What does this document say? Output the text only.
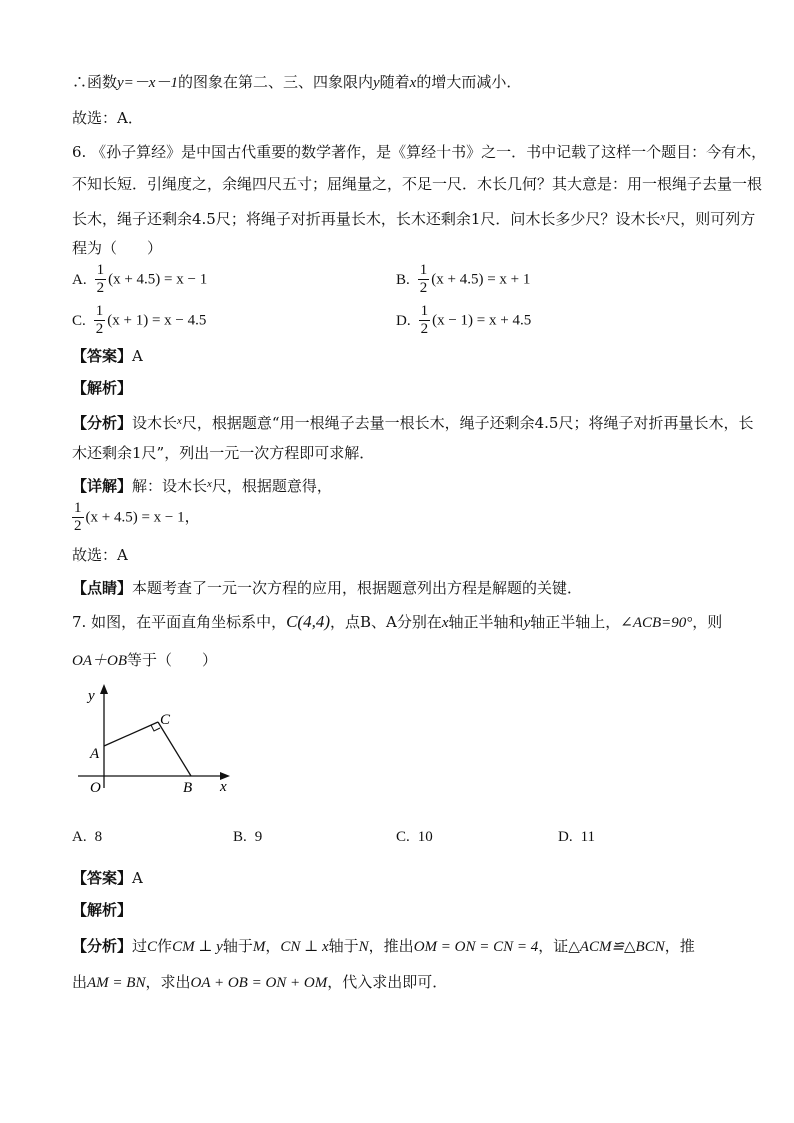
∴函数y=－x－1的图象在第二、三、四象限内y随着x的增大而减小．
故选：A．
6. 《孙子算经》是中国古代重要的数学著作，是《算经十书》之一．书中记载了这样一个题目：今有木，
不知长短．引绳度之，余绳四尺五寸；屈绳量之，不足一尺．木长几何？其大意是：用一根绳子去量一根
长木，绳子还剩余4.5尺；将绳子对折再量长木，长木还剩余1尺．问木长多少尺？设木长$^x$尺，则可列方
程为（　　）
A. $\frac{1}{2} (x + 4.5) = x - 1$	B. $\frac{1}{2} (x + 4.5) = x + 1$
C. $\frac{1}{2} (x + 1) = x - 4.5$	D. $\frac{1}{2} (x - 1) = x + 4.5$
【答案】A
【解析】
【分析】设木长$^x$尺，根据题意“用一根绳子去量一根长木，绳子还剩余4.5尺；将绳子对折再量长木，长
木还剩余1尺”，列出一元一次方程即可求解．
【详解】解：设木长$^x$尺，根据题意得，
$\frac{1}{2} (x + 4.5) = x - 1$，
故选：A
【点睛】本题考查了一元一次方程的应用，根据题意列出方程是解题的关键．
7. 如图，在平面直角坐标系中，C(4,4)，点B、A分别在x轴正半轴和y轴正半轴上，∠ACB=90°，则
OA＋OB等于（　　）
y
C
A
O	B x
A. 8	B. 9	C. 10	D. 11
【答案】A
【解析】
【分析】过C作CM ⊥ y轴于M，CN ⊥ x轴于N，推出OM = ON = CN = 4，证△ACM≌△BCN，推
出AM = BN，求出OA + OB = ON + OM，代入求出即可．
